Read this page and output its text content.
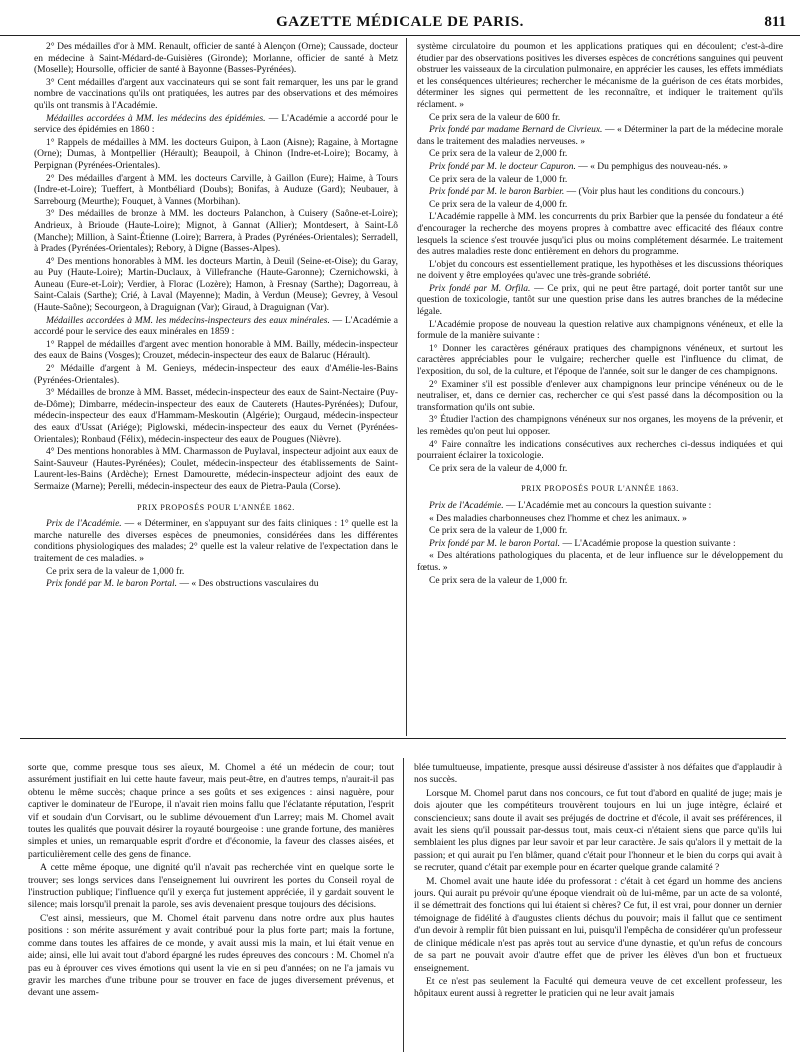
GAZETTE MÉDICALE DE PARIS.	811

2° Des médailles d'or à MM. Renault, officier de santé à Alençon (Orne); Caussade, docteur en médecine à Saint-Médard-de-Guisières (Gironde); Morlanne, officier de santé à Metz (Moselle); Hoursolle, officier de santé à Bayonne (Basses-Pyrénées).

3° Cent médailles d'argent aux vaccinateurs qui se sont fait remarquer, les uns par le grand nombre de vaccinations qu'ils ont pratiquées, les autres par des observations et des mémoires qu'ils ont transmis à l'Académie.

Médailles accordées à MM. les médecins des épidémies. — L'Académie a accordé pour le service des épidémies en 1860 :

1° Rappels de médailles à MM. les docteurs Guipon, à Laon (Aisne); Ragaine, à Mortagne (Orne); Dumas, à Montpellier (Hérault); Beaupoil, à Chinon (Indre-et-Loire); Bocamy, à Perpignan (Pyrénées-Orientales).

2° Des médailles d'argent à MM. les docteurs Carville, à Gaillon (Eure); Haime, à Tours (Indre-et-Loire); Tueffert, à Montbéliard (Doubs); Bonifas, à Auduze (Gard); Neubauer, à Sarrebourg (Meurthe); Fouquet, à Vannes (Morbihan).

3° Des médailles de bronze à MM. les docteurs Palanchon, à Cuisery (Saône-et-Loire); Andrieux, à Brioude (Haute-Loire); Mignot, à Gannat (Allier); Montdesert, à Saint-Lô (Manche); Million, à Saint-Étienne (Loire); Barrera, à Prades (Pyrénées-Orientales); Serradell, à Prades (Pyrénées-Orientales); Rebory, à Digne (Basses-Alpes).

4° Des mentions honorables à MM. les docteurs Martin, à Deuil (Seine-et-Oise); du Garay, au Puy (Haute-Loire); Martin-Duclaux, à Villefranche (Haute-Garonne); Czernichowski, à Auneau (Eure-et-Loir); Verdier, à Florac (Lozère); Hamon, à Fresnay (Sarthe); Dagorreau, à Saint-Calais (Sarthe); Crié, à Laval (Mayenne); Madin, à Verdun (Meuse); Gevrey, à Vesoul (Haute-Saône); Secourgeon, à Draguignan (Var); Giraud, à Draguignan (Var).

Médailles accordées à MM. les médecins-inspecteurs des eaux minérales. — L'Académie a accordé pour le service des eaux minérales en 1859 :

1° Rappel de médailles d'argent avec mention honorable à MM. Bailly, médecin-inspecteur des eaux de Bains (Vosges); Crouzet, médecin-inspecteur des eaux de Balaruc (Hérault).

2° Médaille d'argent à M. Genieys, médecin-inspecteur des eaux d'Amélie-les-Bains (Pyrénées-Orientales).

3° Médailles de bronze à MM. Basset, médecin-inspecteur des eaux de Saint-Nectaire (Puy-de-Dôme); Dimbarre, médecin-inspecteur des eaux de Cauterets (Hautes-Pyrénées); Dufour, médecin-inspecteur des eaux d'Hammam-Meskoutin (Algérie); Ourgaud, médecin-inspecteur des eaux d'Ussat (Ariége); Piglowski, médecin-inspecteur des eaux du Vernet (Pyrénées-Orientales); Ronbaud (Félix), médecin-inspecteur des eaux de Pougues (Nièvre).

4° Des mentions honorables à MM. Charmasson de Puylaval, inspecteur adjoint aux eaux de Saint-Sauveur (Hautes-Pyrénées); Coulet, médecin-inspecteur des établissements de Saint-Laurent-les-Bains (Ardèche); Ernest Damourette, médecin-inspecteur adjoint des eaux de Sermaize (Marne); Perelli, médecin-inspecteur des eaux de Pietra-Paula (Corse).

PRIX PROPOSÉS POUR L'ANNÉE 1862.

Prix de l'Académie. — « Déterminer, en s'appuyant sur des faits cliniques : 1° quelle est la marche naturelle des diverses espèces de pneumonies, considérées dans les différentes conditions physiologiques des malades; 2° quelle est la valeur relative de l'expectation dans le traitement de ces maladies. »

Ce prix sera de la valeur de 1,000 fr.

Prix fondé par M. le baron Portal. — « Des obstructions vasculaires du

système circulatoire du poumon et les applications pratiques qui en découlent; c'est-à-dire étudier par des observations positives les diverses espèces de concrétions sanguines qui peuvent obstruer les vaisseaux de la circulation pulmonaire, en apprécier les causes, les effets immédiats et les conséquences ultérieures; rechercher le mécanisme de la guérison de ces états morbides, déterminer les signes qui permettent de les reconnaître, et indiquer le traitement qu'ils réclament. »

Ce prix sera de la valeur de 600 fr.

Prix fondé par madame Bernard de Civrieux. — « Déterminer la part de la médecine morale dans le traitement des maladies nerveuses. »

Ce prix sera de la valeur de 2,000 fr.

Prix fondé par M. le docteur Capuron. — « Du pemphigus des nouveau-nés. »

Ce prix sera de la valeur de 1,000 fr.

Prix fondé par M. le baron Barbier. — (Voir plus haut les conditions du concours.)

Ce prix sera de la valeur de 4,000 fr.

L'Académie rappelle à MM. les concurrents du prix Barbier que la pensée du fondateur a été d'encourager la recherche des moyens propres à combattre avec efficacité des fléaux contre lesquels la science s'est trouvée jusqu'ici plus ou moins complétement désarmée. Le traitement des autres maladies reste donc entièrement en dehors du programme.

L'objet du concours est essentiellement pratique, les hypothèses et les discussions théoriques ne doivent y être employées qu'avec une très-grande sobriété.

Prix fondé par M. Orfila. — Ce prix, qui ne peut être partagé, doit porter tantôt sur une question de toxicologie, tantôt sur une question prise dans les autres branches de la médecine légale.

L'Académie propose de nouveau la question relative aux champignons vénéneux, et elle la formule de la manière suivante :

1° Donner les caractères généraux pratiques des champignons vénéneux, et surtout les caractères appréciables pour le vulgaire; rechercher quelle est l'influence du climat, de l'exposition, du sol, de la culture, et l'époque de l'année, soit sur le danger de ces champignons.

2° Examiner s'il est possible d'enlever aux champignons leur principe vénéneux ou de le neutraliser, et, dans ce dernier cas, rechercher ce qui s'est passé dans la décomposition ou la transformation qu'ils ont subie.

3° Étudier l'action des champignons vénéneux sur nos organes, les moyens de la prévenir, et les remèdes qu'on peut lui opposer.

4° Faire connaître les indications consécutives aux recherches ci-dessus indiquées et qui pourraient éclairer la toxicologie.

Ce prix sera de la valeur de 4,000 fr.

PRIX PROPOSÉS POUR L'ANNÉE 1863.

Prix de l'Académie. — L'Académie met au concours la question suivante :

« Des maladies charbonneuses chez l'homme et chez les animaux. »

Ce prix sera de la valeur de 1,000 fr.

Prix fondé par M. le baron Portal. — L'Académie propose la question suivante :

« Des altérations pathologiques du placenta, et de leur influence sur le développement du fœtus. »

Ce prix sera de la valeur de 1,000 fr.

sorte que, comme presque tous ses aïeux, M. Chomel a été un médecin de cour; tout assurément justifiait en lui cette haute faveur, mais peut-être, en d'autres temps, n'aurait-il pas obtenu le même succès; chaque prince a ses goûts et ses exigences : ainsi naguère, pour captiver le dominateur de l'Europe, il n'avait rien moins fallu que l'éclatante réputation, l'esprit vif et soudain d'un Corvisart, ou le sublime dévouement d'un Larrey; mais M. Chomel avait toutes les qualités que pouvait désirer la royauté bourgeoise : une grande fortune, des manières simples et unies, un remarquable esprit d'ordre et d'économie, la faveur des classes aisées, et particulièrement celle des gens de finance.

A cette même époque, une dignité qu'il n'avait pas recherchée vint en quelque sorte le trouver; ses longs services dans l'enseignement lui ouvrirent les portes du Conseil royal de l'instruction publique; l'influence qu'il y exerça fut justement appréciée, il y gardait souvent le silence; mais lorsqu'il prenait la parole, ses avis devenaient presque toujours des décisions.

C'est ainsi, messieurs, que M. Chomel était parvenu dans notre ordre aux plus hautes positions : son mérite assurément y avait contribué pour la plus forte part; mais la fortune, comme dans toutes les affaires de ce monde, y avait aussi mis la main, et lui était venue en aide; ainsi, elle lui avait tout d'abord épargné les rudes épreuves des concours : M. Chomel n'a pas eu à éprouver ces vives émotions qui usent la vie en si peu d'années; on ne l'a jamais vu gravir les marches d'une tribune pour se trouver en face de juges diversement prévenus, et devant une assem-

blée tumultueuse, impatiente, presque aussi désireuse d'assister à nos défaites que d'applaudir à nos succès.

Lorsque M. Chomel parut dans nos concours, ce fut tout d'abord en qualité de juge; mais je dois ajouter que les compétiteurs trouvèrent toujours en lui un juge intègre, éclairé et consciencieux; sans doute il avait ses préjugés de doctrine et d'école, il avait ses préférences, il avait les siens qu'il poussait par-dessus tout, mais ceux-ci n'étaient siens que parce qu'ils lui semblaient les plus dignes par leur savoir et par leur caractère. Je sais qu'alors il y mettait de la passion; et qui aurait pu l'en blâmer, quand c'était pour l'honneur et le bien du corps qui avait à se recruter, quand c'était par exemple pour en écarter quelque grande calamité ?

M. Chomel avait une haute idée du professorat : c'était à cet égard un homme des anciens jours. Qui aurait pu prévoir qu'une époque viendrait où de lui-même, par un acte de sa volonté, il se démettrait des fonctions qui lui étaient si chères? Ce fut, il est vrai, pour donner un dernier témoignage de fidélité à d'augustes clients déchus du pouvoir; mais il fallut que ce sentiment d'un devoir à remplir fût bien puissant en lui, puisqu'il l'empêcha de considérer qu'un professeur de clinique médicale n'est pas après tout au service d'une dynastie, et qu'un refus de concours de sa part ne pouvait avoir d'autre effet que de priver les élèves d'un bon et fructueux enseignement.

Et ce n'est pas seulement la Faculté qui demeura veuve de cet excellent professeur, les hôpitaux eurent aussi à regretter le praticien qui ne leur avait jamais
